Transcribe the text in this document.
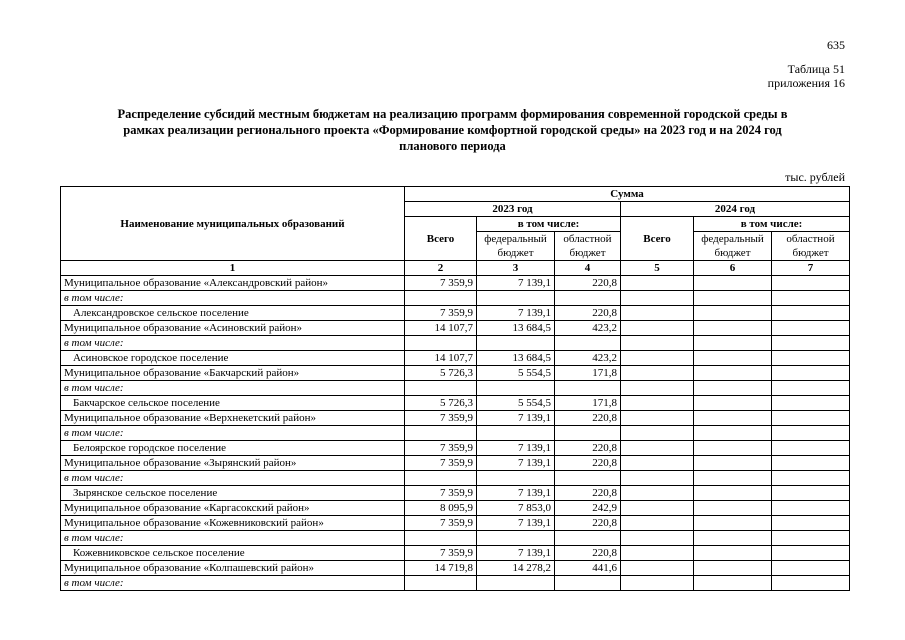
635
Таблица 51
приложения 16
Распределение субсидий местным бюджетам на реализацию программ формирования современной городской среды в
рамках реализации регионального проекта «Формирование комфортной городской среды» на 2023 год и на 2024 год
планового периода
тыс. рублей
Наименование муниципальных образований	Сумма					
	2023 год			2024 год		
	Всего	в том числе:		Всего	в том числе:	
		федеральный бюджет	областной бюджет		федеральный бюджет	областной бюджет
1	2	3	4	5	6	7
Муниципальное образование «Александровский район»	7 359,9	7 139,1	220,8			
в том числе:						
Александровское сельское поселение	7 359,9	7 139,1	220,8			
Муниципальное образование «Асиновский район»	14 107,7	13 684,5	423,2			
в том числе:						
Асиновское городское поселение	14 107,7	13 684,5	423,2			
Муниципальное образование «Бакчарский район»	5 726,3	5 554,5	171,8			
в том числе:						
Бакчарское сельское поселение	5 726,3	5 554,5	171,8			
Муниципальное образование «Верхнекетский район»	7 359,9	7 139,1	220,8			
в том числе:						
Белоярское городское поселение	7 359,9	7 139,1	220,8			
Муниципальное образование «Зырянский район»	7 359,9	7 139,1	220,8			
в том числе:						
Зырянское сельское поселение	7 359,9	7 139,1	220,8			
Муниципальное образование «Каргасокский район»	8 095,9	7 853,0	242,9			
Муниципальное образование «Кожевниковский район»	7 359,9	7 139,1	220,8			
в том числе:						
Кожевниковское сельское поселение	7 359,9	7 139,1	220,8			
Муниципальное образование «Колпашевский район»	14 719,8	14 278,2	441,6			
в том числе:						
